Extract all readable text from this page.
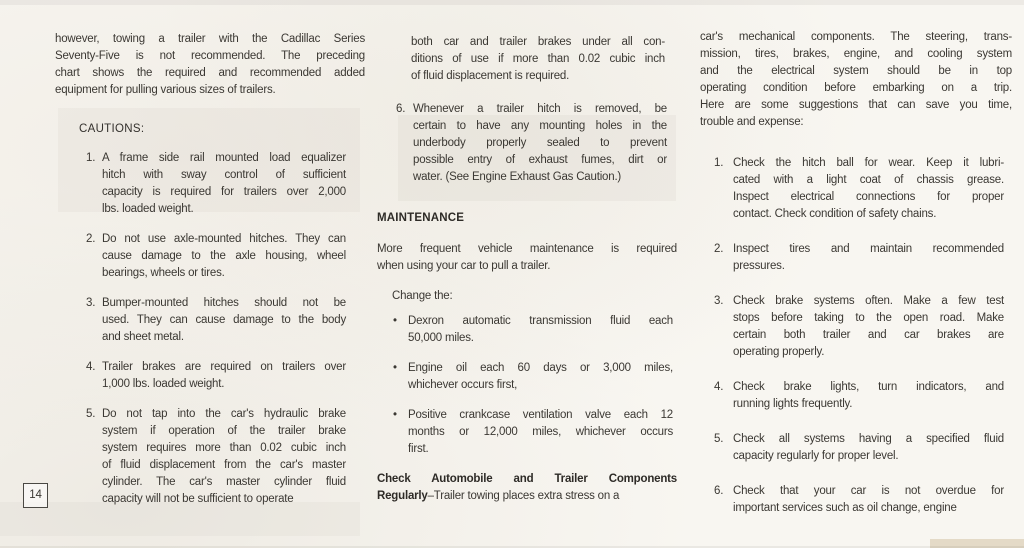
however, towing a trailer with the Cadillac Series
Seventy-Five is not recommended. The preceding
chart shows the required and recommended added
equipment for pulling various sizes of trailers.
CAUTIONS:
1. A frame side rail mounted load equalizer
hitch with sway control of sufficient
capacity is required for trailers over 2,000
lbs. loaded weight.
2. Do not use axle-mounted hitches. They can
cause damage to the axle housing, wheel
bearings, wheels or tires.
3. Bumper-mounted hitches should not be
used. They can cause damage to the body
and sheet metal.
4. Trailer brakes are required on trailers over
1,000 lbs. loaded weight.
5. Do not tap into the car's hydraulic brake
system if operation of the trailer brake
system requires more than 0.02 cubic inch
of fluid displacement from the car's master
cylinder. The car's master cylinder fluid
capacity will not be sufficient to operate
both car and trailer brakes under all con-
ditions of use if more than 0.02 cubic inch
of fluid displacement is required.
6. Whenever a trailer hitch is removed, be
certain to have any mounting holes in the
underbody properly sealed to prevent
possible entry of exhaust fumes, dirt or
water. (See Engine Exhaust Gas Caution.)
MAINTENANCE
More frequent vehicle maintenance is required
when using your car to pull a trailer.
Change the:
• Dexron automatic transmission fluid each
50,000 miles.
• Engine oil each 60 days or 3,000 miles,
whichever occurs first,
• Positive crankcase ventilation valve each 12
months or 12,000 miles, whichever occurs
first.
Check Automobile and Trailer Components
Regularly–Trailer towing places extra stress on a
car's mechanical components. The steering, trans-
mission, tires, brakes, engine, and cooling system
and the electrical system should be in top
operating condition before embarking on a trip.
Here are some suggestions that can save you time,
trouble and expense:
1. Check the hitch ball for wear. Keep it lubri-
cated with a light coat of chassis grease.
Inspect electrical connections for proper
contact. Check condition of safety chains.
2. Inspect tires and maintain recommended
pressures.
3. Check brake systems often. Make a few test
stops before taking to the open road. Make
certain both trailer and car brakes are
operating properly.
4. Check brake lights, turn indicators, and
running lights frequently.
5. Check all systems having a specified fluid
capacity regularly for proper level.
6. Check that your car is not overdue for
important services such as oil change, engine
14
